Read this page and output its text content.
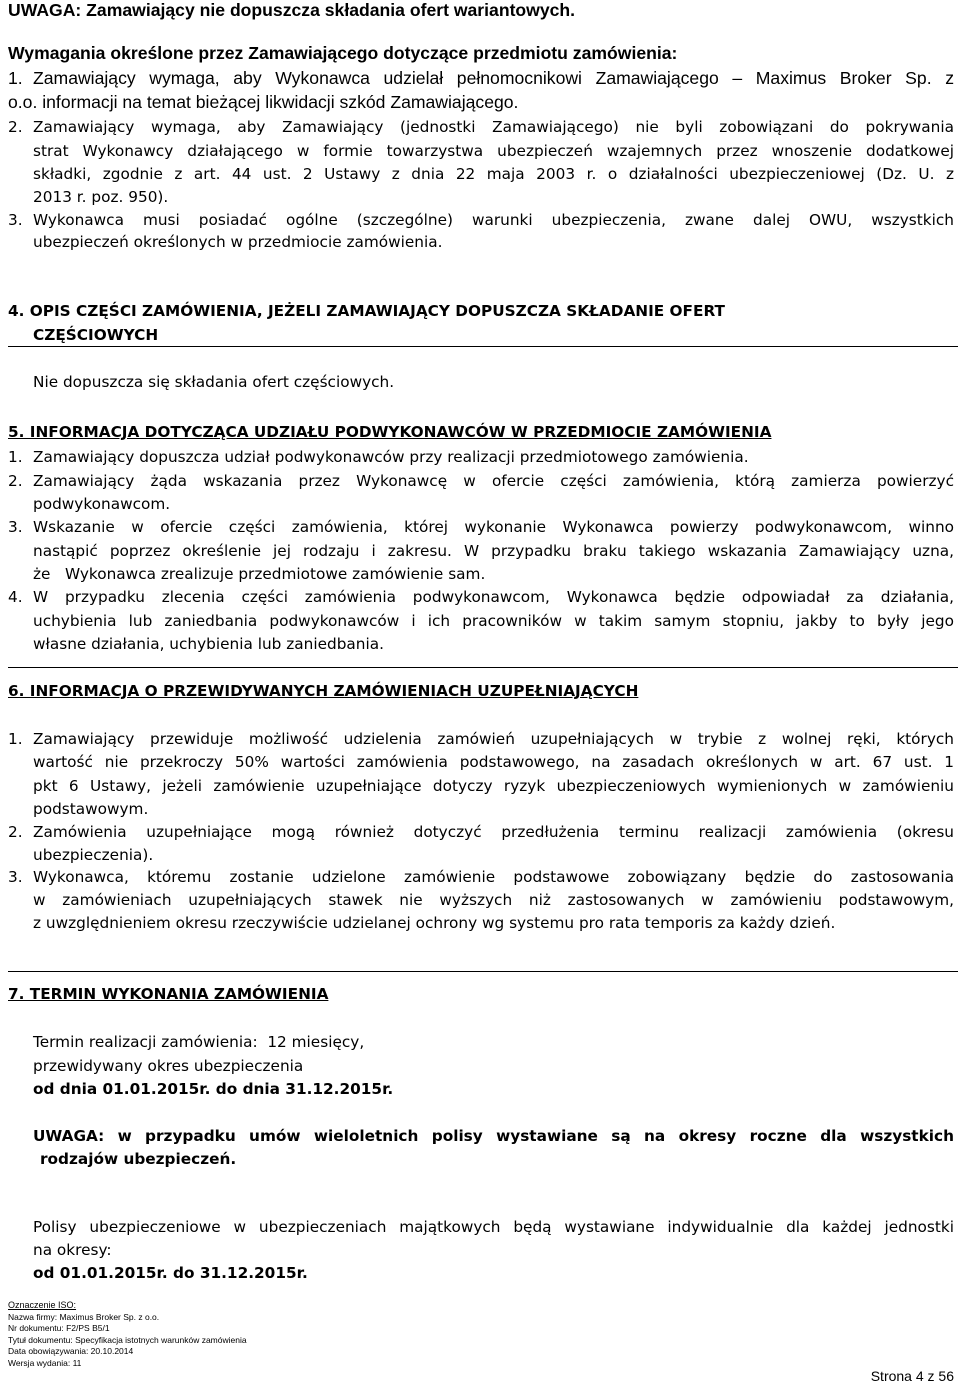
UWAGA: Zamawiający nie dopuszcza składania ofert wariantowych.
Wymagania określone przez Zamawiającego dotyczące przedmiotu zamówienia:
1. Zamawiający wymaga, aby Wykonawca udzielał pełnomocnikowi Zamawiającego – Maximus Broker Sp. z
o.o. informacji na temat bieżącej likwidacji szkód Zamawiającego.
2. Zamawiający wymaga, aby Zamawiający (jednostki Zamawiającego) nie byli zobowiązani do pokrywania
strat Wykonawcy działającego w formie towarzystwa ubezpieczeń wzajemnych przez wnoszenie dodatkowej
składki, zgodnie z art. 44 ust. 2 Ustawy z dnia 22 maja 2003 r. o działalności ubezpieczeniowej (Dz. U. z
2013 r. poz. 950).
3. Wykonawca musi posiadać ogólne (szczególne) warunki ubezpieczenia, zwane dalej OWU, wszystkich
ubezpieczeń określonych w przedmiocie zamówienia.
4. OPIS CZĘŚCI ZAMÓWIENIA, JEŻELI ZAMAWIAJĄCY DOPUSZCZA SKŁADANIE OFERT
CZĘŚCIOWYCH
Nie dopuszcza się składania ofert częściowych.
5. INFORMACJA DOTYCZĄCA UDZIAŁU PODWYKONAWCÓW W PRZEDMIOCIE ZAMÓWIENIA
1. Zamawiający dopuszcza udział podwykonawców przy realizacji przedmiotowego zamówienia.
2. Zamawiający żąda wskazania przez Wykonawcę w ofercie części zamówienia, którą zamierza powierzyć
podwykonawcom.
3. Wskazanie w ofercie części zamówienia, której wykonanie Wykonawca powierzy podwykonawcom, winno
nastąpić poprzez określenie jej rodzaju i zakresu. W przypadku braku takiego wskazania Zamawiający uzna,
że   Wykonawca zrealizuje przedmiotowe zamówienie sam.
4. W przypadku zlecenia części zamówienia podwykonawcom, Wykonawca będzie odpowiadał za działania,
uchybienia lub zaniedbania podwykonawców i ich pracowników w takim samym stopniu, jakby to były jego
własne działania, uchybienia lub zaniedbania.
6. INFORMACJA O PRZEWIDYWANYCH ZAMÓWIENIACH UZUPEŁNIAJĄCYCH
1. Zamawiający przewiduje możliwość udzielenia zamówień uzupełniających w trybie z wolnej ręki, których
wartość nie przekroczy 50% wartości zamówienia podstawowego, na zasadach określonych w art. 67 ust. 1
pkt 6 Ustawy, jeżeli zamówienie uzupełniające dotyczy ryzyk ubezpieczeniowych wymienionych w zamówieniu
podstawowym.
2. Zamówienia uzupełniające mogą również dotyczyć przedłużenia terminu realizacji zamówienia (okresu
ubezpieczenia).
3. Wykonawca, któremu zostanie udzielone zamówienie podstawowe zobowiązany będzie do zastosowania
w zamówieniach uzupełniających stawek nie wyższych niż zastosowanych w zamówieniu podstawowym,
z uwzględnieniem okresu rzeczywiście udzielanej ochrony wg systemu pro rata temporis za każdy dzień.
7. TERMIN WYKONANIA ZAMÓWIENIA
Termin realizacji zamówienia:  12 miesięcy,
przewidywany okres ubezpieczenia
od dnia 01.01.2015r. do dnia 31.12.2015r.
UWAGA: w przypadku umów wieloletnich polisy wystawiane są na okresy roczne dla wszystkich
rodzajów ubezpieczeń.
Polisy ubezpieczeniowe w ubezpieczeniach majątkowych będą wystawiane indywidualnie dla każdej jednostki
na okresy:
od 01.01.2015r. do 31.12.2015r.
Oznaczenie ISO:
Nazwa firmy: Maximus Broker Sp. z o.o.
Nr dokumentu: F2/PS B5/1
Tytuł dokumentu: Specyfikacja istotnych warunków zamówienia
Data obowiązywania: 20.10.2014
Wersja wydania: 11
Strona 4 z 56
